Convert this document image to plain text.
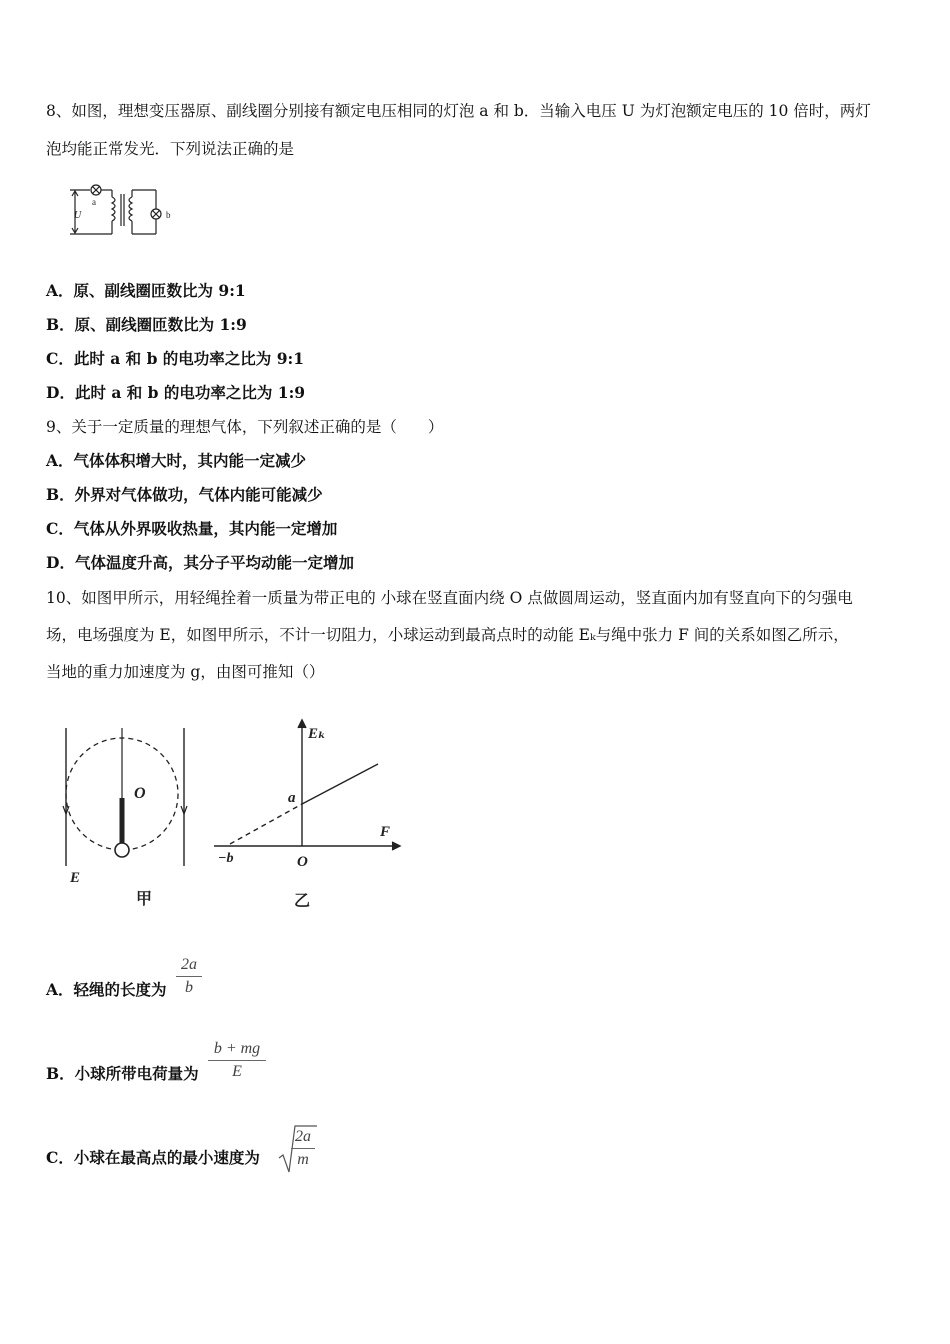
8、如图，理想变压器原、副线圈分别接有额定电压相同的灯泡 a 和 b．当输入电压 U 为灯泡额定电压的 10 倍时，两灯
泡均能正常发光．下列说法正确的是
U
a
b
A．原、副线圈匝数比为 9:1
B．原、副线圈匝数比为 1:9
C．此时 a 和 b 的电功率之比为 9:1
D．此时 a 和 b 的电功率之比为 1:9
9、关于一定质量的理想气体，下列叙述正确的是（　　）
A．气体体积增大时，其内能一定减少
B．外界对气体做功，气体内能可能减少
C．气体从外界吸收热量，其内能一定增加
D．气体温度升高，其分子平均动能一定增加
10、如图甲所示，用轻绳拴着一质量为带正电的 小球在竖直面内绕 O 点做圆周运动，竖直面内加有竖直向下的匀强电
场，电场强度为 E，如图甲所示，不计一切阻力，小球运动到最高点时的动能 Eₖ与绳中张力 F 间的关系如图乙所示，
当地的重力加速度为 g，由图可推知（）
O
E
甲
Eₖ
a
F
O
−b
乙
A．轻绳的长度为
2a
b
B．小球所带电荷量为
b + mg
E
C．小球在最高点的最小速度为
2a
m
